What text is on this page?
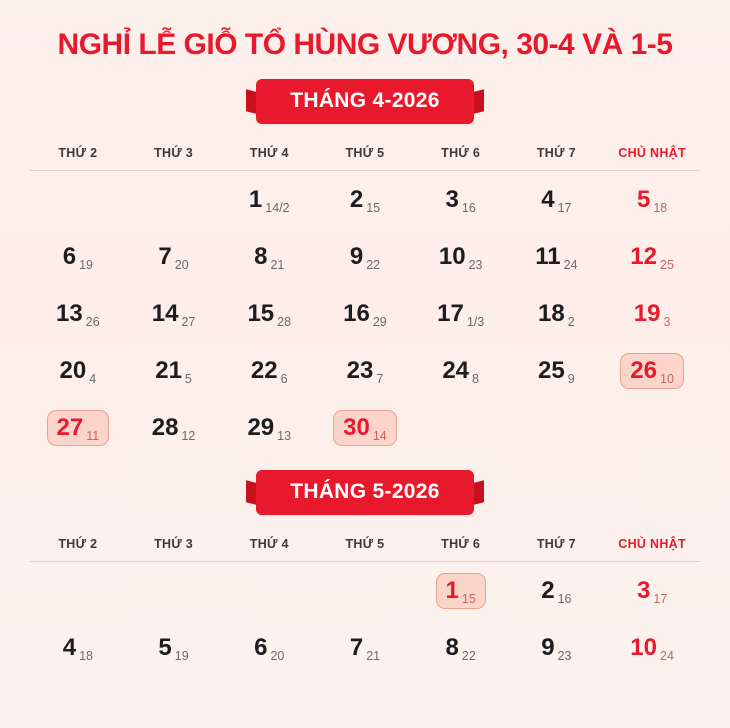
NGHỈ LỄ GIỖ TỔ HÙNG VƯƠNG, 30-4 VÀ 1-5
THÁNG 4-2026
THỨ 2	THỨ 3	THỨ 4	THỨ 5	THỨ 6	THỨ 7	CHỦ NHẬT

		1 14/2	2 15	3 16	4 17	5 18

6 19	7 20	8 21	9 22	10 23	11 24	12 25

13 26	14 27	15 28	16 29	17 1/3	18 2	19 3

20 4	21 5	22 6	23 7	24 8	25 9	26 10

27 11	28 12	29 13	30 14			

THÁNG 5-2026
THỨ 2	THỨ 3	THỨ 4	THỨ 5	THỨ 6	THỨ 7	CHỦ NHẬT

				1 15	2 16	3 17

4 18	5 19	6 20	7 21	8 22	9 23	10 24
